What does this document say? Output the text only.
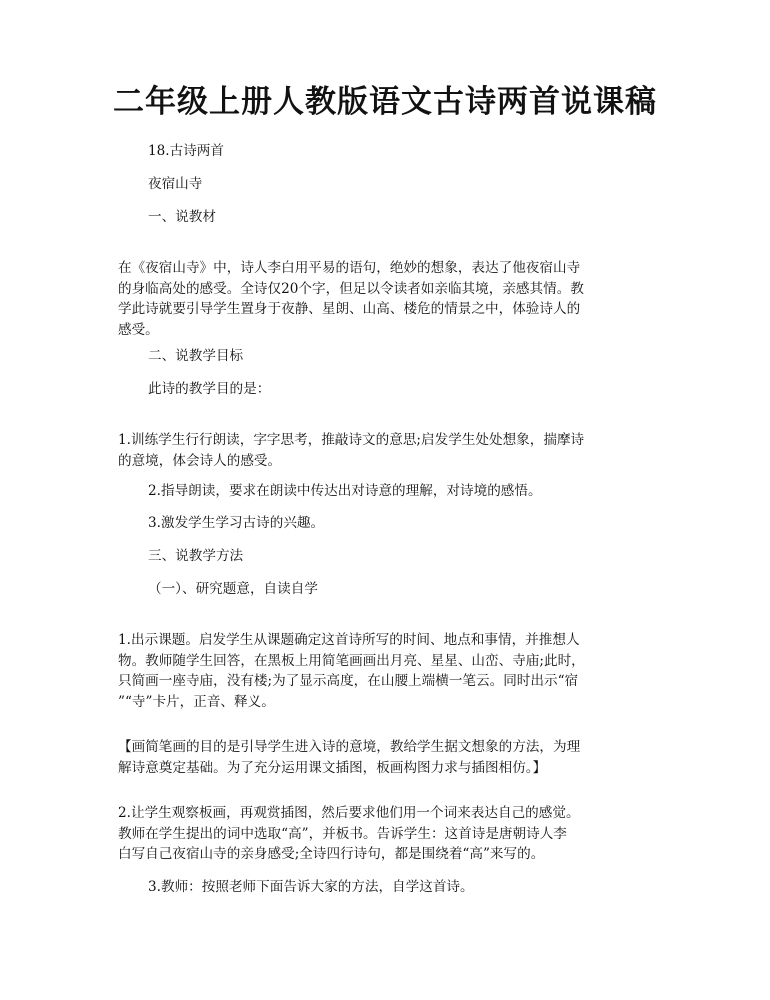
二年级上册人教版语文古诗两首说课稿
18.古诗两首
夜宿山寺
一、说教材
在《夜宿山寺》中，诗人李白用平易的语句，绝妙的想象，表达了他夜宿山寺
的身临高处的感受。全诗仅20个字，但足以令读者如亲临其境，亲感其情。教
学此诗就要引导学生置身于夜静、星朗、山高、楼危的情景之中，体验诗人的
感受。
二、说教学目标
此诗的教学目的是：
1.训练学生行行朗读，字字思考，推敲诗文的意思;启发学生处处想象，揣摩诗
的意境，体会诗人的感受。
2.指导朗读，要求在朗读中传达出对诗意的理解，对诗境的感悟。
3.激发学生学习古诗的兴趣。
三、说教学方法
（一）、研究题意，自读自学
1.出示课题。启发学生从课题确定这首诗所写的时间、地点和事情，并推想人
物。教师随学生回答，在黑板上用简笔画画出月亮、星星、山峦、寺庙;此时，
只简画一座寺庙，没有楼;为了显示高度，在山腰上端横一笔云。同时出示“宿
”“寺”卡片，正音、释义。
【画简笔画的目的是引导学生进入诗的意境，教给学生据文想象的方法，为理
解诗意奠定基础。为了充分运用课文插图，板画构图力求与插图相仿。】
2.让学生观察板画，再观赏插图，然后要求他们用一个词来表达自己的感觉。
教师在学生提出的词中选取“高”，并板书。告诉学生：这首诗是唐朝诗人李
白写自己夜宿山寺的亲身感受;全诗四行诗句，都是围绕着“高”来写的。
3.教师：按照老师下面告诉大家的方法，自学这首诗。
